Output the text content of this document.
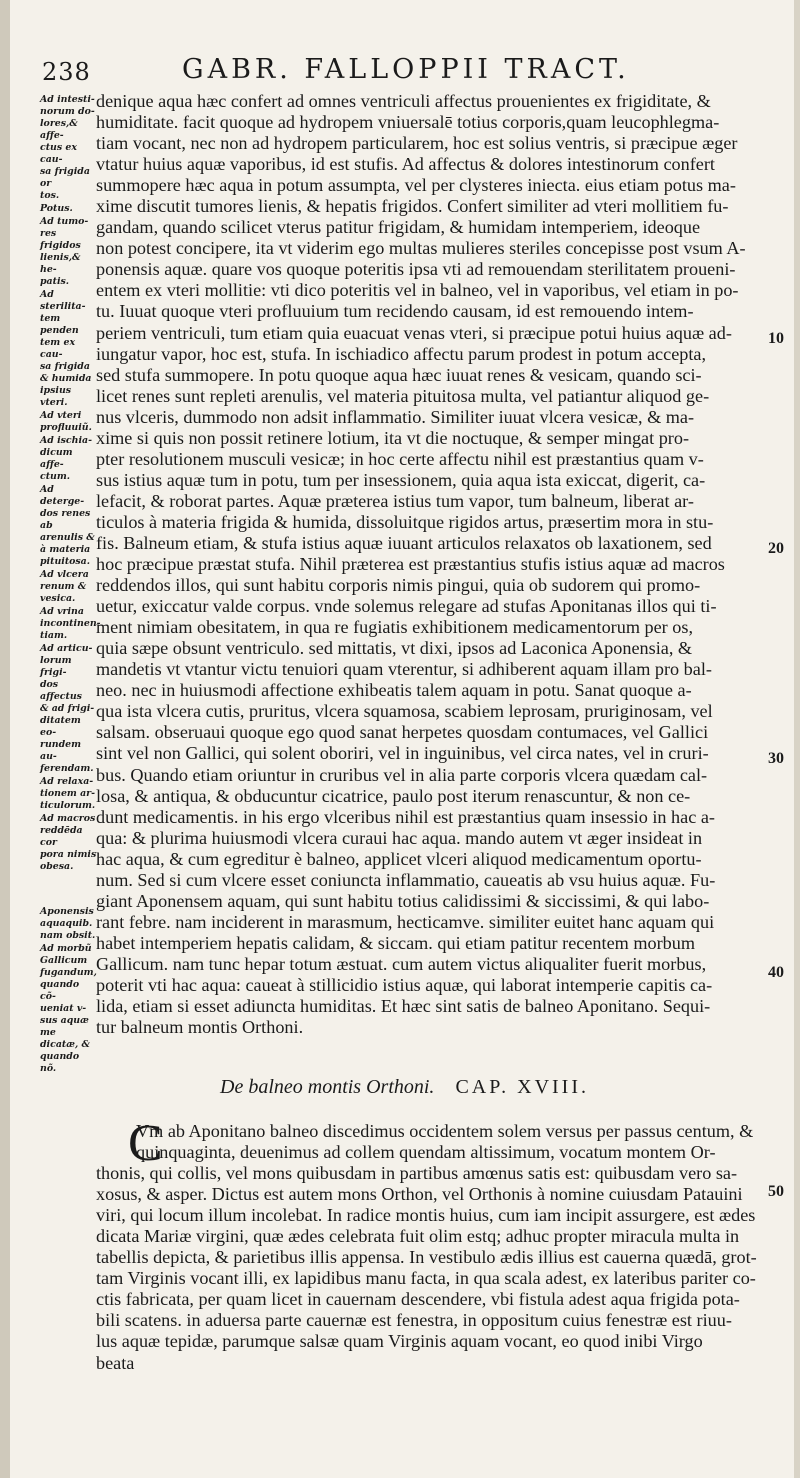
238	GABR. FALLOPPII TRACT.
Ad intesti-
norum do-
lores,& affe-
ctus ex cau-
sa frigida or
tos.
Potus.
Ad tumo-
res frigidos
lienis,& he-
patis.
Ad sterilita-
tem penden
tem ex cau-
sa frigida
& humida
ipsius vteri.
Ad vteri
profluuiũ.
Ad ischia-
dicum affe-
ctum.
Ad deterge-
dos renes ab
arenulis &
à materia
pituitosa.
Ad vlcera
renum &
vesica.
Ad vrina
incontinen-
tiam.
Ad articu-
lorum frigi-
dos affectus
& ad frigi-
ditatem eo-
rundem au-
ferendam.
Ad relaxa-
tionem ar-
ticulorum.
Ad macros
reddēda cor
pora nimis
obesa.
Aponensis
aquaquib.
nam obsit.
Ad morbũ
Gallicum
fugandum,
quando cõ-
ueniat v-
sus aquæ me
dicatæ, &
quando nõ.
denique aqua hæc confert ad omnes ventriculi affectus prouenientes ex frigiditate, &
humiditate. facit quoque ad hydropem vniuersalē totius corporis,quam leucophlegma-
tiam vocant, nec non ad hydropem particularem, hoc est solius ventris, si præcipue æger
vtatur huius aquæ vaporibus, id est stufis. Ad affectus & dolores intestinorum confert
summopere hæc aqua in potum assumpta, vel per clysteres iniecta. eius etiam potus ma-
xime discutit tumores lienis, & hepatis frigidos. Confert similiter ad vteri mollitiem fu-
gandam, quando scilicet vterus patitur frigidam, & humidam intemperiem, ideoque
non potest concipere, ita vt viderim ego multas mulieres steriles concepisse post vsum A-
ponensis aquæ. quare vos quoque poteritis ipsa vti ad remouendam sterilitatem proueni-
entem ex vteri mollitie: vti dico poteritis vel in balneo, vel in vaporibus, vel etiam in po-
tu. Iuuat quoque vteri profluuium tum recidendo causam, id est remouendo intem-
periem ventriculi, tum etiam quia euacuat venas vteri, si præcipue potui huius aquæ ad-
iungatur vapor, hoc est, stufa. In ischiadico affectu parum prodest in potum accepta,
sed stufa summopere. In potu quoque aqua hæc iuuat renes & vesicam, quando sci-
licet renes sunt repleti arenulis, vel materia pituitosa multa, vel patiantur aliquod ge-
nus vlceris, dummodo non adsit inflammatio. Similiter iuuat vlcera vesicæ, & ma-
xime si quis non possit retinere lotium, ita vt die noctuque, & semper mingat pro-
pter resolutionem musculi vesicæ; in hoc certe affectu nihil est præstantius quam v-
sus istius aquæ tum in potu, tum per insessionem, quia aqua ista exiccat, digerit, ca-
lefacit, & roborat partes. Aquæ præterea istius tum vapor, tum balneum, liberat ar-
ticulos à materia frigida & humida, dissoluitque rigidos artus, præsertim mora in stu-
fis. Balneum etiam, & stufa istius aquæ iuuant articulos relaxatos ob laxationem, sed
hoc præcipue præstat stufa. Nihil præterea est præstantius stufis istius aquæ ad macros
reddendos illos, qui sunt habitu corporis nimis pingui, quia ob sudorem qui promo-
uetur, exiccatur valde corpus. vnde solemus relegare ad stufas Aponitanas illos qui ti-
ment nimiam obesitatem, in qua re fugiatis exhibitionem medicamentorum per os,
quia sæpe obsunt ventriculo. sed mittatis, vt dixi, ipsos ad Laconica Aponensia, &
mandetis vt vtantur victu tenuiori quam vterentur, si adhiberent aquam illam pro bal-
neo. nec in huiusmodi affectione exhibeatis talem aquam in potu. Sanat quoque a-
qua ista vlcera cutis, pruritus, vlcera squamosa, scabiem leprosam, pruriginosam, vel
salsam. obseruaui quoque ego quod sanat herpetes quosdam contumaces, vel Gallici
sint vel non Gallici, qui solent oboriri, vel in inguinibus, vel circa nates, vel in cruri-
bus. Quando etiam oriuntur in cruribus vel in alia parte corporis vlcera quædam cal-
losa, & antiqua, & obducuntur cicatrice, paulo post iterum renascuntur, & non ce-
dunt medicamentis. in his ergo vlceribus nihil est præstantius quam insessio in hac a-
qua: & plurima huiusmodi vlcera curaui hac aqua. mando autem vt æger insideat in
hac aqua, & cum egreditur è balneo, applicet vlceri aliquod medicamentum oportu-
num. Sed si cum vlcere esset coniuncta inflammatio, caueatis ab vsu huius aquæ. Fu-
giant Aponensem aquam, qui sunt habitu totius calidissimi & siccissimi, & qui labo-
rant febre. nam inciderent in marasmum, hecticamve. similiter euitet hanc aquam qui
habet intemperiem hepatis calidam, & siccam. qui etiam patitur recentem morbum
Gallicum. nam tunc hepar totum æstuat. cum autem victus aliqualiter fuerit morbus,
poterit vti hac aqua: caueat à stillicidio istius aquæ, qui laborat intemperie capitis ca-
lida, etiam si esset adiuncta humiditas. Et hæc sint satis de balneo Aponitano. Sequi-
tur balneum montis Orthoni.
10
20
30
40
50
De balneo montis Orthoni. CAP. XVIII.
C
Vm ab Aponitano balneo discedimus occidentem solem versus per passus centum, &
quinquaginta, deuenimus ad collem quendam altissimum, vocatum montem Or-
thonis, qui collis, vel mons quibusdam in partibus amœnus satis est: quibusdam vero sa-
xosus, & asper. Dictus est autem mons Orthon, vel Orthonis à nomine cuiusdam Patauini
viri, qui locum illum incolebat. In radice montis huius, cum iam incipit assurgere, est ædes
dicata Mariæ virgini, quæ ædes celebrata fuit olim estq; adhuc propter miracula multa in
tabellis depicta, & parietibus illis appensa. In vestibulo ædis illius est cauerna quædā, grot-
tam Virginis vocant illi, ex lapidibus manu facta, in qua scala adest, ex lateribus pariter co-
ctis fabricata, per quam licet in cauernam descendere, vbi fistula adest aqua frigida pota-
bili scatens. in aduersa parte cauernæ est fenestra, in oppositum cuius fenestræ est riuu-
lus aquæ tepidæ, parumque salsæ quam Virginis aquam vocant, eo quod inibi Virgo
beata
